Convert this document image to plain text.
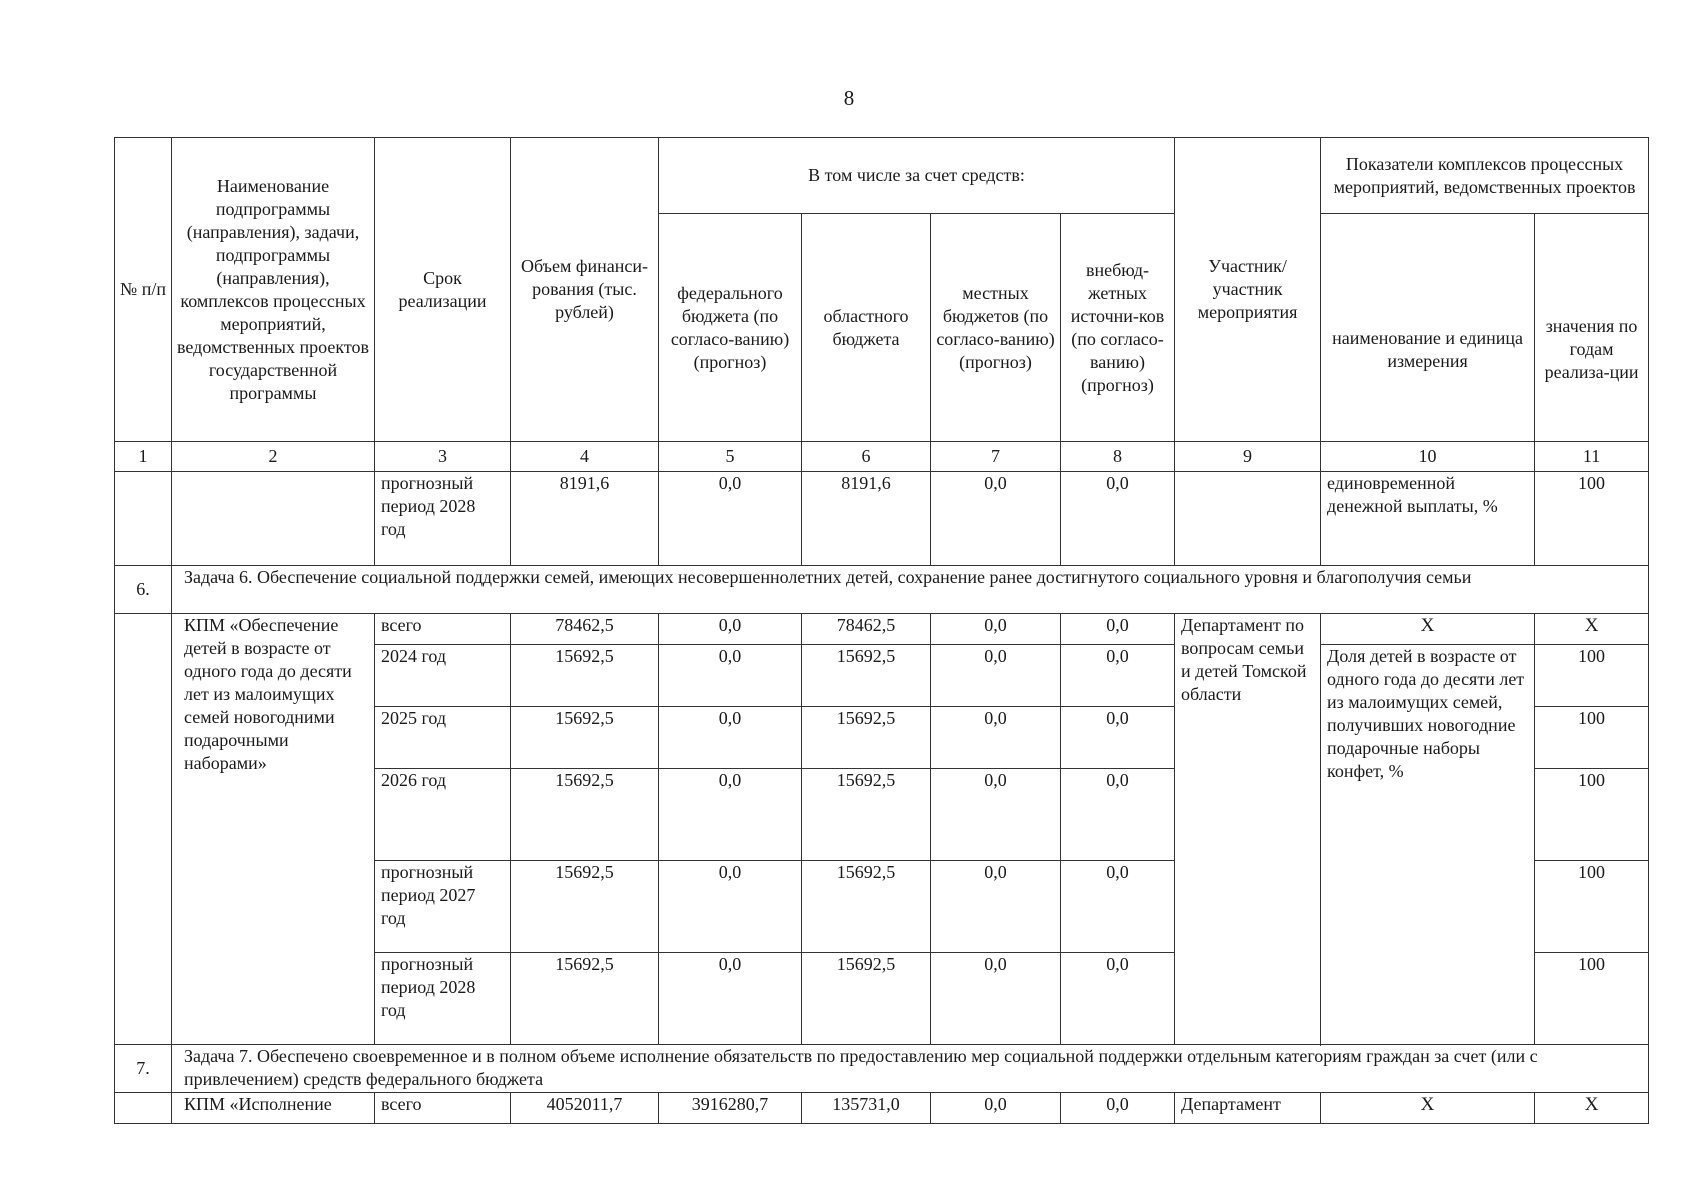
8
№ п/п	Наименование подпрограммы (направления), задачи, подпрограммы (направления), комплексов процессных мероприятий, ведомственных проектов государственной программы	Срок реализации	Объем финанси-рования (тыс. рублей)	В том числе за счет средств:				Участник/ участник мероприятия	Показатели комплексов процессных мероприятий, ведомственных проектов	
				федерального бюджета (по согласо-ванию) (прогноз)	областного бюджета	местных бюджетов (по согласо-ванию) (прогноз)	внебюд-жетных источни-ков (по согласо-ванию) (прогноз)		наименование и единица измерения	значения по годам реализа-ции
1	2	3	4	5	6	7	8	9	10	11
		прогнозный период 2028 год	8191,6	0,0	8191,6	0,0	0,0		единовременной денежной выплаты, %	100
6.	Задача 6. Обеспечение социальной поддержки семей, имеющих несовершеннолетних детей, сохранение ранее достигнутого социального уровня и благополучия семьи									
	КПМ «Обеспечение детей в возрасте от одного года до десяти лет из малоимущих семей новогодними подарочными наборами»	всего	78462,5	0,0	78462,5	0,0	0,0	Департамент по вопросам семьи и детей Томской области	Х	Х
		2024 год	15692,5	0,0	15692,5	0,0	0,0		Доля детей в возрасте от одного года до десяти лет из малоимущих семей, получивших новогодние подарочные наборы конфет, %	100
		2025 год	15692,5	0,0	15692,5	0,0	0,0			100
		2026 год	15692,5	0,0	15692,5	0,0	0,0			100
		прогнозный период 2027 год	15692,5	0,0	15692,5	0,0	0,0			100
		прогнозный период 2028 год	15692,5	0,0	15692,5	0,0	0,0			100

7.	Задача 7. Обеспечено своевременное и в полном объеме исполнение обязательств по предоставлению мер социальной поддержки отдельным категориям граждан за счет (или с привлечением) средств федерального бюджета									
	КПМ «Исполнение	всего	4052011,7	3916280,7	135731,0	0,0	0,0	Департамент	Х	Х
